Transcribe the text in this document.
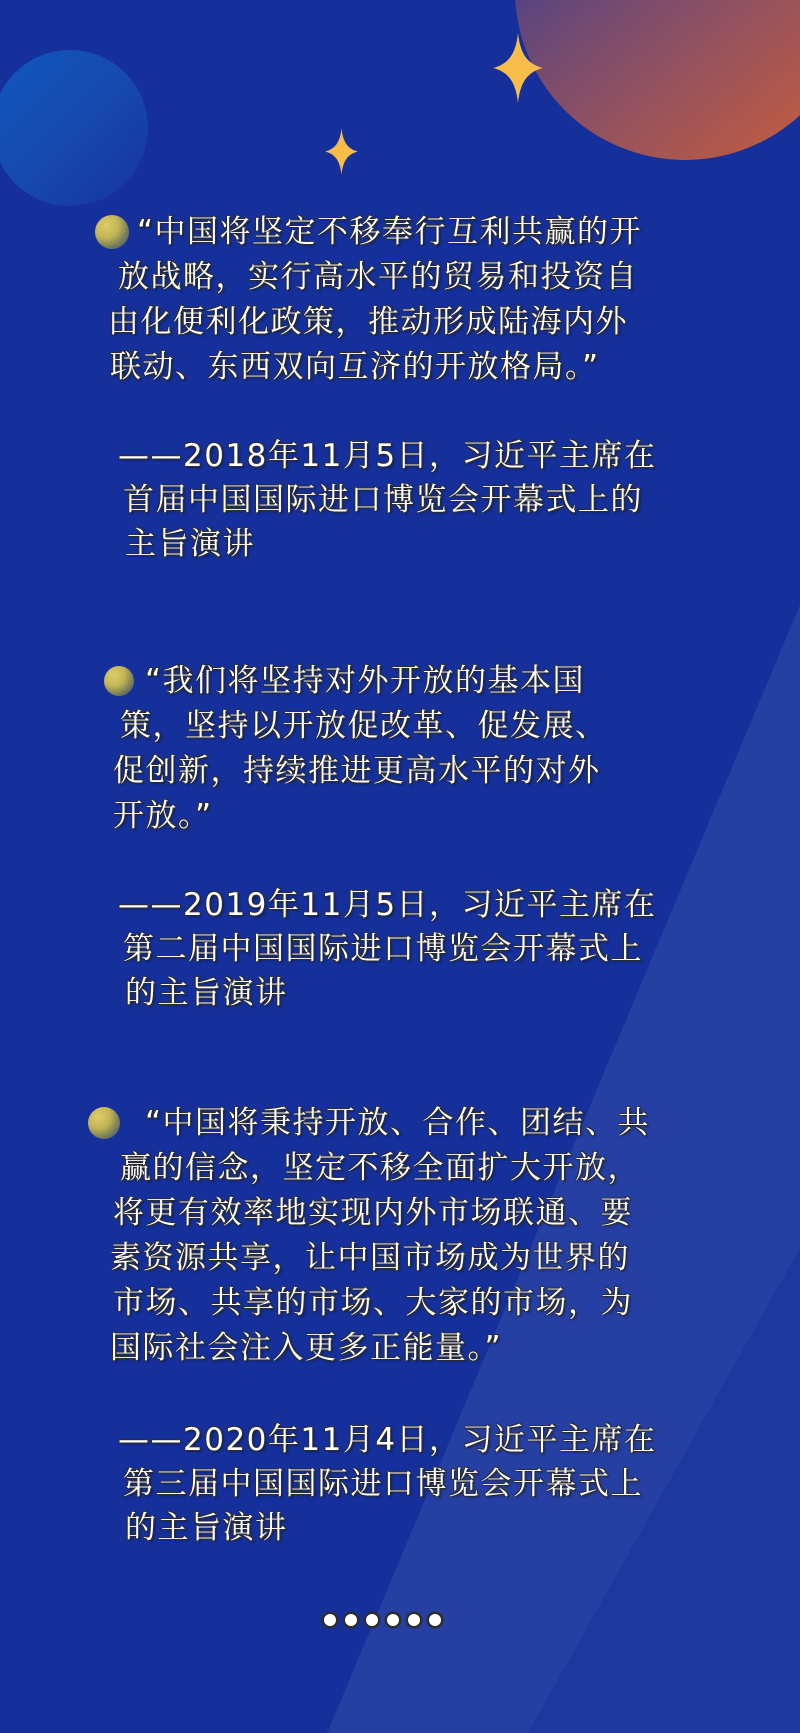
“中国将坚定不移奉行互利共赢的开
放战略，实行高水平的贸易和投资自
由化便利化政策，推动形成陆海内外
联动、东西双向互济的开放格局。”
——2018年11月5日，习近平主席在
首届中国国际进口博览会开幕式上的
主旨演讲
“我们将坚持对外开放的基本国
策，坚持以开放促改革、促发展、
促创新，持续推进更高水平的对外
开放。”
——2019年11月5日，习近平主席在
第二届中国国际进口博览会开幕式上
的主旨演讲
“中国将秉持开放、合作、团结、共
赢的信念，坚定不移全面扩大开放，
将更有效率地实现内外市场联通、要
素资源共享，让中国市场成为世界的
市场、共享的市场、大家的市场，为
国际社会注入更多正能量。”
——2020年11月4日，习近平主席在
第三届中国国际进口博览会开幕式上
的主旨演讲
